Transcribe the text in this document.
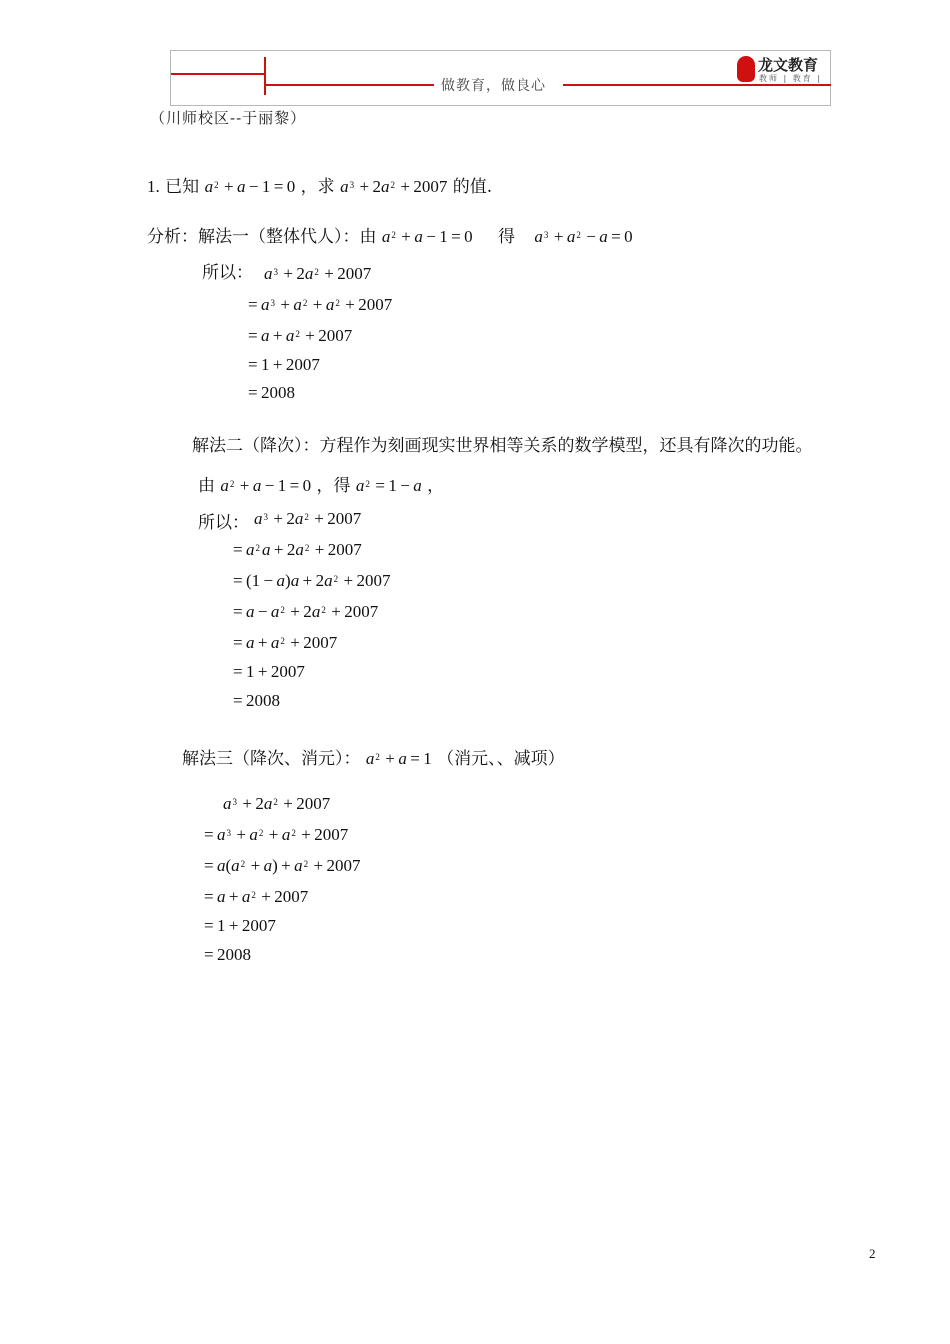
做教育，做良心
龙文教育
教师 | 教育 |
（川师校区--于丽黎）
1. 已知 $a^2 + a - 1 = 0$ ，求 $a^3 + 2a^2 + 2007$ 的值.
分析：解法一（整体代人）：由 $a^2 + a - 1 = 0$ 得 $a^3 + a^2 - a = 0$
所以： $a^3 + 2a^2 + 2007$
= $a^3 + a^2 + a^2 + 2007$
= $a + a^2 + 2007$
= 1 + 2007
= 2008
解法二（降次）：方程作为刻画现实世界相等关系的数学模型，还具有降次的功能。
由 $a^2 + a - 1 = 0$ ，得 $a^2 = 1 - a$ ，
所以： $a^3 + 2a^2 + 2007$
= $a^2$ $a + 2a^2 + 2007$
= $(1 - a)a + 2a^2 + 2007$
= $a - a^2 + 2a^2 + 2007$
= $a + a^2 + 2007$
= 1 + 2007
= 2008
解法三（降次、消元）： $a^2 + a = 1$ （消元、、减项）
$a^3 + 2a^2 + 2007$
= $a^3 + a^2 + a^2 + 2007$
= $a(a^2 + a) + a^2 + 2007$
= $a + a^2 + 2007$
= 1 + 2007
= 2008
2
